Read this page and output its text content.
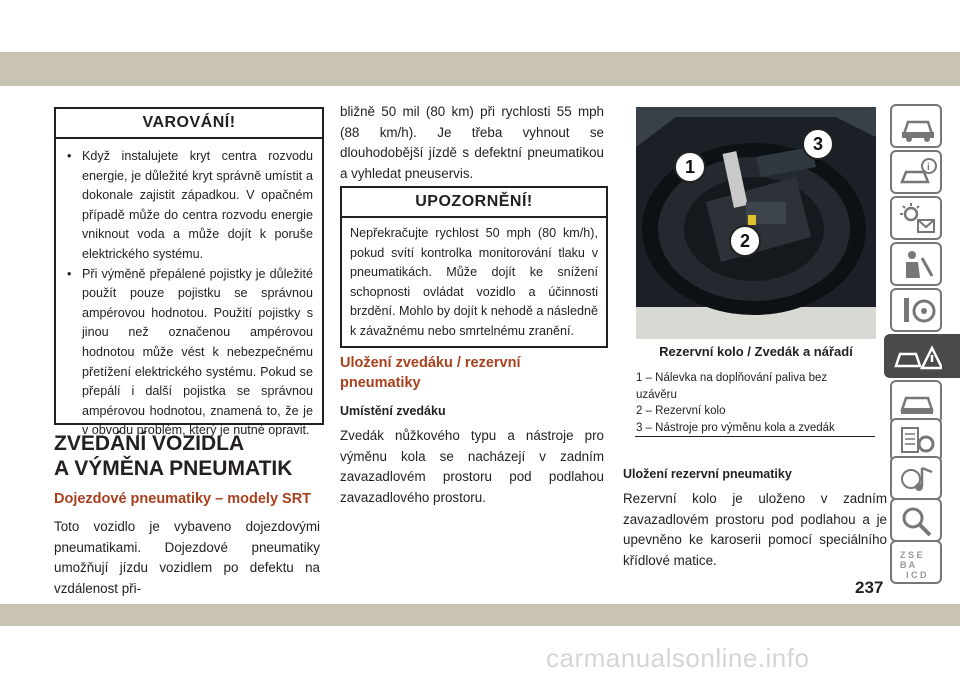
VAROVÁNÍ!
• Když instalujete kryt centra rozvodu energie, je důležité kryt správně umístit a dokonale zajistit západkou. V opačném případě může do centra rozvodu energie vniknout voda a může dojít k poruše elektrického systému.
• Při výměně přepálené pojistky je důležité použít pouze pojistku se správnou ampérovou hodnotou. Použití pojistky s jinou než označenou ampérovou hodnotou může vést k nebezpečnému přetížení elektrického systému. Pokud se přepálí i další pojistka se správnou ampérovou hodnotou, znamená to, že je v obvodu problém, který je nutné opravit.
ZVEDÁNÍ VOZIDLA
A VÝMĚNA PNEUMATIK
Dojezdové pneumatiky – modely SRT
Toto vozidlo je vybaveno dojezdovými pneumatikami. Dojezdové pneumatiky umožňují jízdu vozidlem po defektu na vzdálenost při-
bližně 50 mil (80 km) při rychlosti 55 mph (88 km/h). Je třeba vyhnout se dlouhodobější jízdě s defektní pneumatikou a vyhledat pneuservis.
UPOZORNĚNÍ!
Nepřekračujte rychlost 50 mph (80 km/h), pokud svítí kontrolka monitorování tlaku v pneumatikách. Může dojít ke snížení schopnosti ovládat vozidlo a účinnosti brzdění. Mohlo by dojít k nehodě a následně k závažnému nebo smrtelnému zranění.
Uložení zvedáku / rezervní
pneumatiky
Umístění zvedáku
Zvedák nůžkového typu a nástroje pro výměnu kola se nacházejí v zadním zavazadlovém prostoru pod podlahou zavazadlového prostoru.
1
2
3
Rezervní kolo / Zvedák a nářadí
1 – Nálevka na doplňování paliva bez
uzávěru
2 – Rezervní kolo
3 – Nástroje pro výměnu kola a zvedák
Uložení rezervní pneumatiky
Rezervní kolo je uloženo v zadním zavazadlovém prostoru pod podlahou a je upevněno ke karoserii pomocí speciálního křídlové matice.
i
Z S E
B A
I C D
237
carmanualsonline.info
